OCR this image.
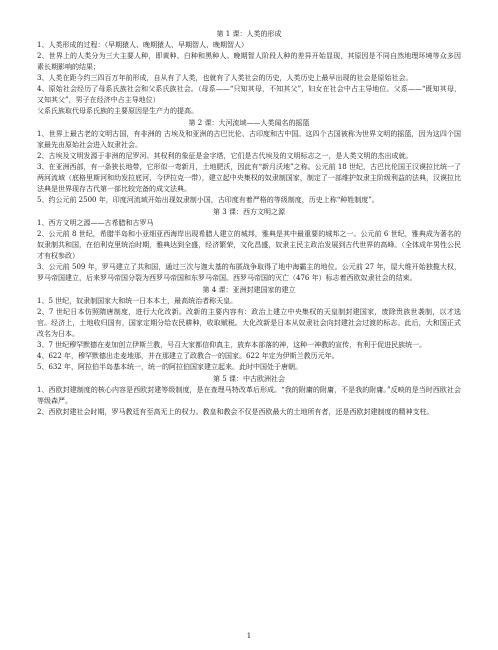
第 1 课：人类的形成

1、人类形成的过程：（早期猿人、晚期猿人、早期智人、晚期智人）

2、世界上的人类分为三大主要人种，即黄种、白种和黑种人。晚期智人阶段人种的差异开始显现，其原因是不同自然地理环境等众多因素长期影响的结果；

3、人类在距今约三四百万年前形成，自从有了人类，也就有了人类社会的历史，人类历史上最早出现的社会是原始社会。

4、原始社会经历了母系氏族社会和父系氏族社会。（母系——“只知其母，不知其父”，妇女在社会中占主导地位。父系——“既知其母，又知其父”，男子在经济中占主导地位）

父系氏族取代母系氏族的主要原因是生产力的提高。

第 2 课：大河流域——人类闻名的摇篮

1、世界上最古老的文明古国，有非洲的 古埃及和亚洲的古巴比伦、古印度和古中国。这四个古国被称为世界文明的摇篮，因为这四个国家最先由原始社会进入奴隶社会。

2、古埃及文明发源于非洲的尼罗河。其权利的象征是金字塔，它们是古代埃及的文明标志之一，是人类文明的杰出成就。

3、在亚洲西部，有一条狭长地带，它形似一弯新月，土地肥沃，因此有“新月沃地”之称。公元前 18 世纪，古巴比伦国王汉谟拉比统一了两河流域（底格里斯河和幼发拉底河，今伊拉克一带），建立起中央集权的奴隶制国家，制定了一部维护奴隶主阶级利益的法典，汉谟拉比法典是世界现存古代第一部比较完备的成文法典。

5、约公元前 2500 年，印度河流域开始出现奴隶制小国，古印度有着严格的等级制度，历史上称“种姓制度”。

第 3 课：西方文明之源

1、西方文明之源——古希腊和古罗马

2、公元前 8 世纪，希腊半岛和小亚细亚西海岸出现希腊人建立的城邦，雅典是其中最重要的城邦之一。公元前 6 世纪，雅典成为著名的奴隶制共和国，在伯利克里统治时期，雅典达到全盛，经济繁荣，文化昌盛，奴隶主民主政治发展到古代世界的高峰。（全体成年男性公民才有权参政）

3、公元前 509 年，罗马建立了共和国，通过三次与迦太基的布匿战争取得了地中海霸主的地位。公元前 27 年，屋大维开始独揽大权，罗马帝国建立，后来罗马帝国分裂为西罗马帝国和东罗马帝国。西罗马帝国的灭亡（476 年）标志着西欧奴隶社会的结束。

第 4 课：亚洲封建国家的建立

1、5 世纪，奴隶制国家大和统一日本本土，最高统治者称天皇。

2、7 世纪日本仿照隋唐制度，进行大化改新。改新的主要内容有：政治上建立中央集权的天皇制封建国家，废除贵族世袭制，以才选官。经济上，土地收归国有，国家定期分给农民耕种，收取赋税。大化改新是日本从奴隶社会向封建社会过渡的标志。此后，大和国正式改名为日本。

3、7 世纪穆罕默德在麦加创立伊斯兰教，号召大家都信仰真主，放弃本部落的神，这种一神教的宣传，有利于促进民族统一。

4、622 年，穆罕默德出走麦地那，并在那建立了政教合一的国家。622 年定为伊斯兰教历元年。

5、632 年，阿拉伯半岛基本统一，统一的阿拉伯国家建立起来。此时中国处于唐朝。

第 5 课：中古欧洲社会

1、西欧封建制度的核心内容是西欧封建等级制度，是在查理马特改革后形成。“我的附庸的附庸，不是我的附庸。”反映的是当时西欧社会等级森严。

2、西欧封建社会时期，罗马教廷有至高无上的权力。教皇和教会不仅是西欧最大的土地所有者，还是西欧封建制度的精神支柱。

1
